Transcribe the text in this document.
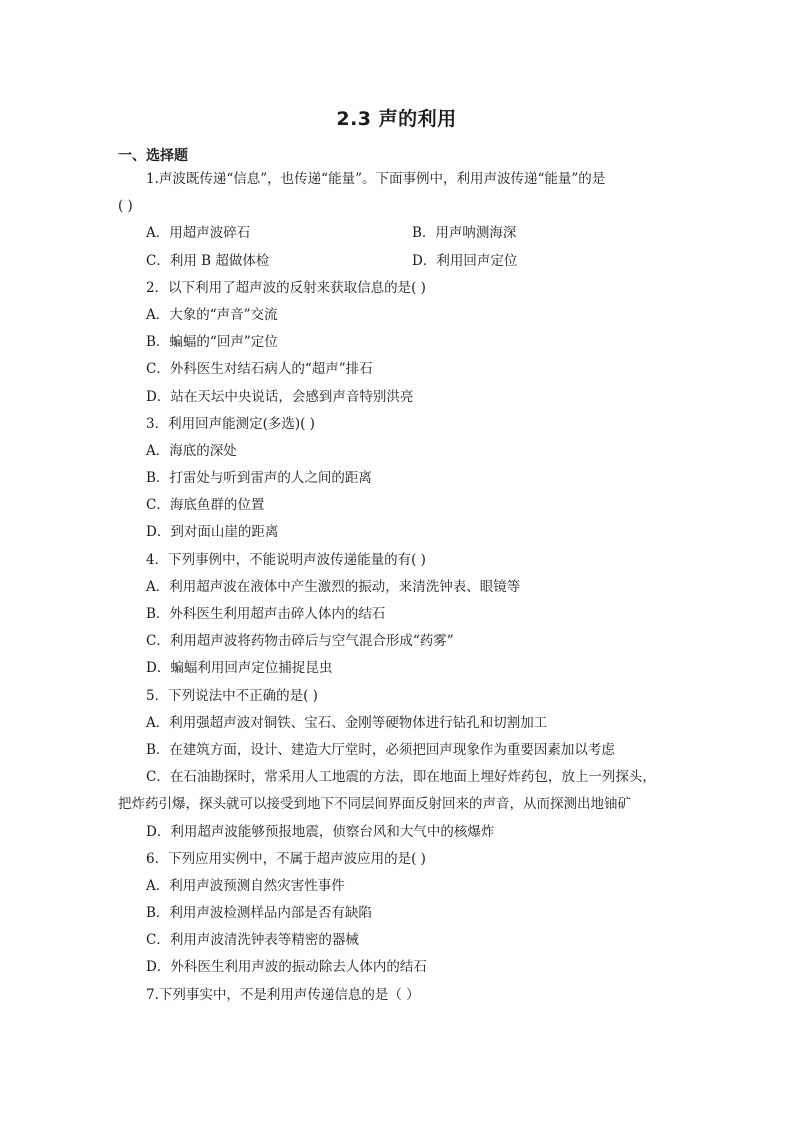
2.3 声的利用
一、选择题
1.声波既传递“信息”，也传递“能量”。下面事例中，利用声波传递“能量”的是
( )
A．用超声波碎石	B．用声呐测海深
C．利用 B 超做体检	D．利用回声定位
2．以下利用了超声波的反射来获取信息的是( )
A．大象的“声音”交流
B．蝙蝠的“回声”定位
C．外科医生对结石病人的“超声”排石
D．站在天坛中央说话，会感到声音特别洪亮
3．利用回声能测定(多选)( )
A．海底的深处
B．打雷处与听到雷声的人之间的距离
C．海底鱼群的位置
D．到对面山崖的距离
4．下列事例中，不能说明声波传递能量的有( )
A．利用超声波在液体中产生激烈的振动，来清洗钟表、眼镜等
B．外科医生利用超声击碎人体内的结石
C．利用超声波将药物击碎后与空气混合形成“药雾”
D．蝙蝠利用回声定位捕捉昆虫
5．下列说法中不正确的是( )
A．利用强超声波对铜铁、宝石、金刚等硬物体进行钻孔和切割加工
B．在建筑方面，设计、建造大厅堂时，必须把回声现象作为重要因素加以考虑
C．在石油勘探时，常采用人工地震的方法，即在地面上埋好炸药包，放上一列探头，
把炸药引爆，探头就可以接受到地下不同层间界面反射回来的声音，从而探测出地铀矿
D．利用超声波能够预报地震，侦察台风和大气中的核爆炸
6．下列应用实例中，不属于超声波应用的是( )
A．利用声波预测自然灾害性事件
B．利用声波检测样品内部是否有缺陷
C．利用声波清洗钟表等精密的器械
D．外科医生利用声波的振动除去人体内的结石
7.下列事实中，不是利用声传递信息的是（ ）
